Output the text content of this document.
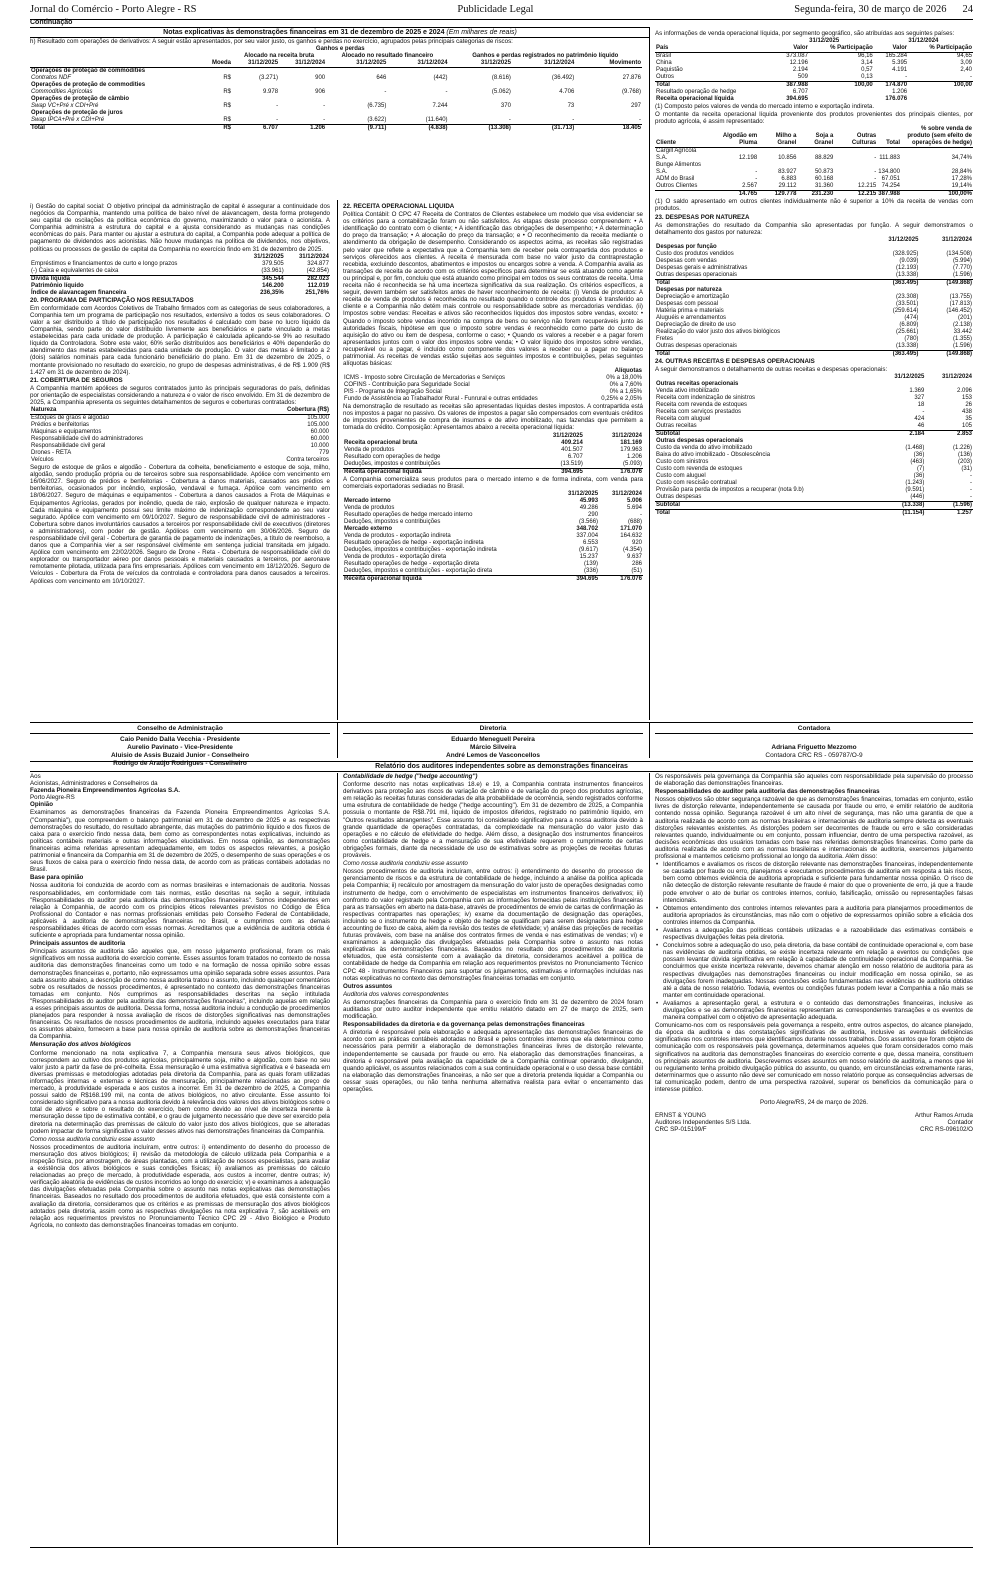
Jornal do Comércio - Porto Alegre - RS	Publicidade Legal	Segunda-feira, 30 de março de 2026 24
Continuação
Notas explicativas às demonstrações financeiras em 31 de dezembro de 2025 e 2024 (Em milhares de reais)

h) Resultado com operações de derivativos: A seguir estão apresentados, por seu valor justo, os ganhos e perdas no exercício, agrupados pelas principais categorias de riscos:

		Ganhos e perdas						
		Alocado na receita bruta		Alocado no resultado financeiro		Ganhos e perdas registrados no patrimônio líquido		
	Moeda	31/12/2025	31/12/2024	31/12/2025	31/12/2024	31/12/2025	31/12/2024	Movimento
Operações de proteção de commodities								
Contratos NDF	R$	(3.271)	900	646	(442)	(8.616)	(36.492)	27.876
Operações de proteção de commodities								
Commodities Agrícolas	R$	9.978	906	-	-	(5.062)	4.706	(9.768)
Operações de proteção de câmbio								
Swap VC+Pré x CDI+Pré	R$	-	-	(6.735)	7.244	370	73	297
Operações de proteção de juros								
Swap IPCA+Pré x CDI+Pré	R$	-	-	(3.622)	(11.640)	-	-	-
Total	R$	6.707	1.206	(9.711)	(4.838)	(13.308)	(31.713)	18.405

i) Gestão do capital social: O objetivo principal da administração de capital é assegurar a continuidade dos negócios da Companhia, mantendo uma política de baixo nível de alavancagem, desta forma protegendo seu capital de oscilações da política econômica do governo, maximizando o valor para o acionista. A Companhia administra a estrutura do capital e a ajusta considerando as mudanças nas condições econômicas do país. Para manter ou ajustar a estrutura do capital, a Companhia pode adequar a política de pagamento de dividendos aos acionistas. Não houve mudanças na política de dividendos, nos objetivos, políticas ou processos de gestão de capital da Companhia no exercício findo em 31 de dezembro de 2025.

	31/12/2025	31/12/2024
Empréstimos e financiamentos de curto e longo prazos	379.505	324.877
(-) Caixa e equivalentes de caixa	(33.961)	(42.854)
Dívida líquida	345.544	282.023
Patrimônio líquido	146.200	112.019
Índice de alavancagem financeira	236,35%	251,76%

20. PROGRAMA DE PARTICIPAÇÃO NOS RESULTADOS

Em conformidade com Acordos Coletivos de Trabalho firmados com as categorias de seus colaboradores, a Companhia tem um programa de participação nos resultados, extensivo a todos os seus colaboradores. O valor a ser distribuído a título de participação nos resultados é calculado com base no lucro líquido da Companhia, sendo parte do valor distribuído livremente aos beneficiários e parte vinculado a metas estabelecidas para cada unidade de produção. A participação é calculada aplicando-se 9% ao resultado líquido da Controladora. Sobre este valor, 60% serão distribuídos aos beneficiários e 40% dependerão do atendimento das metas estabelecidas para cada unidade de produção. O valor das metas é limitado a 2 (dois) salários nominais para cada funcionário beneficiário do plano. Em 31 de dezembro de 2025, o montante provisionado no resultado do exercício, no grupo de despesas administrativas, é de R$ 1.909 (R$ 1.427 em 31 de dezembro de 2024).

21. COBERTURA DE SEGUROS

A Companhia mantém apólices de seguros contratados junto às principais seguradoras do país, definidas por orientação de especialistas considerando a natureza e o valor de risco envolvido. Em 31 de dezembro de 2025, a Companhia apresenta os seguintes detalhamentos de seguros e coberturas contratados:

Natureza	Cobertura (R$)
Estoques de grãos e algodão	105.000
Prédios e benfeitorias	105.000
Máquinas e equipamentos	60.000
Responsabilidade civil do administradores	60.000
Responsabilidade civil geral	10.000
Drones - RETA	779
Veículos	Contra terceiros

Seguro de estoque de grãos e algodão - Cobertura da colheita, beneficiamento e estoque de soja, milho, algodão, sendo produção própria ou de terceiros sobre sua responsabilidade. Apólice com vencimento em 16/06/2027. Seguro de prédios e benfeitorias - Cobertura a danos materiais, causados aos prédios e benfeitorias, ocasionados por incêndio, explosão, vendaval e fumaça. Apólice com vencimento em 18/06/2027. Seguro de máquinas e equipamentos - Cobertura a danos causados a Frota de Máquinas e Equipamentos Agrícolas, gerados por incêndio, queda de raio, explosão de qualquer natureza e impacto. Cada máquina e equipamento possui seu limite máximo de indenização correspondente ao seu valor segurado. Apólice com vencimento em 09/10/2027. Seguro de responsabilidade civil de administradores - Cobertura sobre danos involuntários causados a terceiros por responsabilidade civil de executivos (diretores e administradores), com poder de gestão. Apólices com vencimento em 30/06/2026. Seguro de responsabilidade civil geral - Cobertura de garantia de pagamento de indenizações, a título de reembolso, a danos que a Companhia vier a ser responsável civilmente em sentença judicial transitada em julgado. Apólice com vencimento em 22/02/2026. Seguro de Drone - Reta - Cobertura de responsabilidade civil do explorador ou transportador aéreo por danos pessoais e materiais causados a terceiros, por aeronave remotamente pilotada, utilizada para fins empresariais. Apólices com vencimento em 18/12/2026. Seguro de Veículos - Cobertura da Frota de veículos da controlada e controladora para danos causados a terceiros. Apólices com vencimento em 10/10/2027.

22. RECEITA OPERACIONAL LÍQUIDA

Política Contábil: O CPC 47 Receita de Contratos de Clientes estabelece um modelo que visa evidenciar se os critérios para a contabilização foram ou não satisfeitos. As etapas deste processo compreendem: • A identificação do contrato com o cliente; • A identificação das obrigações de desempenho; • A determinação do preço da transação; • A alocação do preço da transação; e • O reconhecimento da receita mediante o atendimento da obrigação de desempenho. Considerando os aspectos acima, as receitas são registradas pelo valor que reflete a expectativa que a Companhia tem de receber pela contrapartida dos produtos e serviços oferecidos aos clientes. A receita é mensurada com base no valor justo da contraprestação recebida, excluindo descontos, abatimentos e impostos ou encargos sobre a venda. A Companhia avalia as transações de receita de acordo com os critérios específicos para determinar se está atuando como agente ou principal e, por fim, concluiu que está atuando como principal em todos os seus contratos de receita. Uma receita não é reconhecida se há uma incerteza significativa da sua realização. Os critérios específicos, a seguir, devem também ser satisfeitos antes de haver reconhecimento de receita: (i) Venda de produtos: A receita de venda de produtos é reconhecida no resultado quando o controle dos produtos é transferido ao cliente e a Companhia não detém mais controle ou responsabilidade sobre as mercadorias vendidas. (ii) Impostos sobre vendas: Receitas e ativos são reconhecidos líquidos dos impostos sobre vendas, exceto: • Quando o imposto sobre vendas incorrido na compra de bens ou serviço não forem recuperáveis junto às autoridades fiscais, hipótese em que o imposto sobre vendas é reconhecido como parte do custo de aquisição do ativo ou item de despesa, conforme o caso; • Quando os valores a receber e a pagar forem apresentados juntos com o valor dos impostos sobre venda; • O valor líquido dos impostos sobre vendas, recuperável ou a pagar, é incluído como componente dos valores a receber ou a pagar no balanço patrimonial. As receitas de vendas estão sujeitas aos seguintes impostos e contribuições, pelas seguintes alíquotas básicas:

	Alíquotas
ICMS - Imposto sobre Circulação de Mercadorias e Serviços	0% a 18,00%
COFINS - Contribuição para Seguridade Social	0% a 7,60%
PIS - Programa de Integração Social	0% a 1,65%
Fundo de Assistência ao Trabalhador Rural - Funrural e outras entidades	0,25% e 2,05%

Na demonstração de resultado as receitas são apresentadas líquidas destes impostos. A contrapartida está nos impostos a pagar no passivo. Os valores de impostos a pagar são compensados com eventuais créditos de impostos provenientes de compra de insumos e de ativo imobilizado, nas fazendas que permitem a tomada do crédito. Composição: Apresentamos abaixo a receita operacional líquida:

	31/12/2025	31/12/2024
Receita operacional bruta	409.214	181.169
Venda de produtos	401.507	179.963
Resultado com operações de hedge	6.707	1.206
Deduções, impostos e contribuições	(13.519)	(5.093)
Receita operacional líquida	394.695	176.076

A Companhia comercializa seus produtos para o mercado interno e de forma indireta, com venda para comerciais exportadoras sediadas no Brasil.

	31/12/2025	31/12/2024
Mercado interno	45.993	5.006
Venda de produtos	49.286	5.694
Resultado operações de hedge mercado interno	290	-
Deduções, impostos e contribuições	(3.566)	(688)
Mercado externo	348.702	171.070
Venda de produtos - exportação indireta	337.004	164.632
Resultado operações de hedge - exportação indireta	6.553	920
Deduções, impostos e contribuições - exportação indireta	(9.617)	(4.354)
Venda de produtos - exportação direta	15.237	9.637
Resultado operações de hedge - exportação direta	(139)	286
Deduções, impostos e contribuições - exportação direta	(336)	(51)
Receita operacional líquida	394.695	176.076

As informações de venda operacional líquida, por segmento geográfico, são atribuídas aos seguintes países:

	31/12/2025		31/12/2024	
País	Valor	% Participação	Valor	% Participação
Brasil	373.087	96,16	165.284	94,65
China	12.196	3,14	5.395	3,09
Paquistão	2.194	0,57	4.191	2,40
Outros	509	0,13	-	-
Total	387.988	100,00	174.870	100,00
Resultado operação de hedge	6.707		1.206	
Receita operacional líquida	394.695		176.076	

(1) Composto pelos valores de venda do mercado interno e exportação indireta.

O montante da receita operacional líquida proveniente dos produtos provenientes dos principais clientes, por produto agrícola, é assim representado:

Cliente	Algodão em Pluma	Milho a Granel	Soja a Granel	Outras Culturas	Total	% sobre venda de produto (sem efeito de operações de hedge)
Cargill Agrícola S.A.	12.198	10.856	88.829	-	111.883	34,74%
Bunge Alimentos S.A.	-	83.927	50.873	-	134.800	28,84%
ADM do Brasil	-	6.883	60.168	-	67.051	17,28%
Outros Clientes	2.567	29.112	31.360	12.215	74.254	19,14%
	14.765	129.778	231.230	12.215	387.988	100,00%

(1) O saldo apresentado em outros clientes individualmente não é superior a 10% da receita de vendas com produtos.

23. DESPESAS POR NATUREZA

As demonstrações do resultado da Companhia são apresentadas por função. A seguir demonstramos o detalhamento dos gastos por natureza:

	31/12/2025	31/12/2024
Despesas por função		
Custo dos produtos vendidos	(328.925)	(134.508)
Despesas com vendas	(9.039)	(5.994)
Despesas gerais e administrativas	(12.193)	(7.770)
Outras despesas operacionais	(13.338)	(1.596)
Total	(363.495)	(149.868)
Despesas por natureza		
Depreciação e amortização	(23.308)	(13.755)
Despesas com pessoal	(33.501)	(17.813)
Matéria prima e materiais	(259.614)	(146.452)
Aluguéis e arrendamentos	(474)	(201)
Depreciação de direito de uso	(6.809)	(2.138)
Realização do valor justo dos ativos biológicos	(25.661)	33.442
Fretes	(780)	(1.355)
Outras despesas operacionais	(13.338)	(1.596)
Total	(363.495)	(149.868)

24. OUTRAS RECEITAS E DESPESAS OPERACIONAIS

A seguir demonstramos o detalhamento de outras receitas e despesas operacionais:

	31/12/2025	31/12/2024
Outras receitas operacionais		
Venda ativo imobilizado	1.369	2.096
Receita com indenização de sinistros	327	153
Receita com revenda de estoques	18	26
Receita com serviços prestados	-	438
Receita com aluguel	424	35
Outras receitas	46	105
Subtotal	2.184	2.853
Outras despesas operacionais		
Custo da venda do ativo imobilizado	(1.468)	(1.226)
Baixa do ativo imobilizado - Obsolescência	(36)	(136)
Custo com sinistros	(463)	(203)
Custo com revenda de estoques	(7)	(31)
Custo com aluguel	(36)	-
Custo com rescisão contratual	(1.243)	-
Provisão para perda de impostos a recuperar (nota 9.b)	(9.591)	-
Outras despesas	(446)	-
Subtotal	(13.338)	(1.596)
Total	(11.154)	1.257
Conselho de Administração
Caio Penido Dalla Vecchia - Presidente
Aurelio Pavinato - Vice-Presidente
Aluisio de Assis Buzaid Junior - Conselheiro
Rodrigo de Araújo Rodrigues - Conselheiro
Diretoria
Eduardo Meneguell Pereira
Márcio Silveira
André Lemos de Vasconcellos
Contadora
Adriana Friguetto Mezzomo
Contadora CRC RS - 059787/O-9
Relatório dos auditores independentes sobre as demonstrações financeiras
Aos
Acionistas, Administradores e Conselheiros da
Fazenda Pioneira Empreendimentos Agrícolas S.A.
Porto Alegre-RS

Opinião

Examinamos as demonstrações financeiras da Fazenda Pioneira Empreendimentos Agrícolas S.A. ("Companhia"), que compreendem o balanço patrimonial em 31 de dezembro de 2025 e as respectivas demonstrações do resultado, do resultado abrangente, das mutações do patrimônio líquido e dos fluxos de caixa para o exercício findo nessa data, bem como as correspondentes notas explicativas, incluindo as políticas contábeis materiais e outras informações elucidativas. Em nossa opinião, as demonstrações financeiras acima referidas apresentam adequadamente, em todos os aspectos relevantes, a posição patrimonial e financeira da Companhia em 31 de dezembro de 2025, o desempenho de suas operações e os seus fluxos de caixa para o exercício findo nessa data, de acordo com as práticas contábeis adotadas no Brasil.

Base para opinião

Nossa auditoria foi conduzida de acordo com as normas brasileiras e internacionais de auditoria. Nossas responsabilidades, em conformidade com tais normas, estão descritas na seção a seguir, intitulada "Responsabilidades do auditor pela auditoria das demonstrações financeiras". Somos independentes em relação à Companhia, de acordo com os princípios éticos relevantes previstos no Código de Ética Profissional do Contador e nas normas profissionais emitidas pelo Conselho Federal de Contabilidade, aplicáveis à auditoria de demonstrações financeiras no Brasil, e cumprimos com as demais responsabilidades éticas de acordo com essas normas. Acreditamos que a evidência de auditoria obtida é suficiente e apropriada para fundamentar nossa opinião.

Principais assuntos de auditoria

Principais assuntos de auditoria são aqueles que, em nosso julgamento profissional, foram os mais significativos em nossa auditoria do exercício corrente. Esses assuntos foram tratados no contexto de nossa auditoria das demonstrações financeiras como um todo e na formação de nossa opinião sobre essas demonstrações financeiras e, portanto, não expressamos uma opinião separada sobre esses assuntos. Para cada assunto abaixo, a descrição de como nossa auditoria tratou o assunto, incluindo quaisquer comentários sobre os resultados de nossos procedimentos, é apresentado no contexto das demonstrações financeiras tomadas em conjunto. Nós cumprimos as responsabilidades descritas na seção intitulada "Responsabilidades do auditor pela auditoria das demonstrações financeiras", incluindo aquelas em relação a esses principais assuntos de auditoria. Dessa forma, nossa auditoria incluiu a condução de procedimentos planejados para responder à nossa avaliação de riscos de distorções significativas nas demonstrações financeiras. Os resultados de nossos procedimentos de auditoria, incluindo aqueles executados para tratar os assuntos abaixo, fornecem a base para nossa opinião de auditoria sobre as demonstrações financeiras da Companhia.

Mensuração dos ativos biológicos

Conforme mencionado na nota explicativa 7, a Companhia mensura seus ativos biológicos, que correspondem ao cultivo dos produtos agrícolas, principalmente soja, milho e algodão, com base no seu valor justo a partir da fase de pré-colheita. Essa mensuração é uma estimativa significativa e é baseada em diversas premissas e metodologias adotadas pela diretoria da Companhia, para as quais foram utilizadas informações internas e externas e técnicas de mensuração, principalmente relacionadas ao preço de mercado, à produtividade esperada e aos custos a incorrer. Em 31 de dezembro de 2025, a Companhia possui saldo de R$168.199 mil, na conta de ativos biológicos, no ativo circulante. Esse assunto foi considerado significativo para a nossa auditoria devido à relevância dos valores dos ativos biológicos sobre o total de ativos e sobre o resultado do exercício, bem como devido ao nível de incerteza inerente à mensuração desse tipo de estimativa contábil, e o grau de julgamento necessário que deve ser exercido pela diretoria na determinação das premissas de cálculo do valor justo dos ativos biológicos, que se alteradas podem impactar de forma significativa o valor desses ativos nas demonstrações financeiras da Companhia.

Como nossa auditoria conduziu esse assunto

Nossos procedimentos de auditoria incluíram, entre outros: i) entendimento do desenho do processo de mensuração dos ativos biológicos; ii) revisão da metodologia de cálculo utilizada pela Companhia e a inspeção física, por amostragem, de áreas plantadas, com a utilização de nossos especialistas, para avaliar a existência dos ativos biológicos e suas condições físicas; iii) avaliamos as premissas do cálculo relacionadas ao preço de mercado, à produtividade esperada, aos custos a incorrer, dentre outras; iv) verificação aleatória de evidências de custos incorridos ao longo do exercício; v) e examinamos a adequação das divulgações efetuadas pela Companhia sobre o assunto nas notas explicativas das demonstrações financeiras. Baseados no resultado dos procedimentos de auditoria efetuados, que está consistente com a avaliação da diretoria, consideramos que os critérios e as premissas de mensuração dos ativos biológicos adotados pela diretoria, assim como as respectivas divulgações na nota explicativa 7, são aceitáveis em relação aos requerimentos previstos no Pronunciamento Técnico CPC 29 - Ativo Biológico e Produto Agrícola, no contexto das demonstrações financeiras tomadas em conjunto.

Contabilidade de hedge ("hedge accounting")

Conforme descrito nas notas explicativas 18.e) e 19, a Companhia contrata instrumentos financeiros derivativos para proteção aos riscos de variação de câmbio e de variação do preço dos produtos agrícolas, em relação às receitas futuras consideradas de alta probabilidade de ocorrência, sendo registrados conforme uma estrutura de contabilidade de hedge ("hedge accounting"). Em 31 de dezembro de 2025, a Companhia possuía o montante de R$8.791 mil, líquido de impostos diferidos, registrado no patrimônio líquido, em "Outros resultados abrangentes". Esse assunto foi considerado significativo para a nossa auditoria devido à grande quantidade de operações contratadas, da complexidade na mensuração do valor justo das operações e no cálculo de efetividade do hedge. Além disso, a designação dos instrumentos financeiros como contabilidade de hedge e a mensuração de sua efetividade requerem o cumprimento de certas obrigações formais, diante da necessidade de uso de estimativas sobre as projeções de receitas futuras prováveis.

Como nossa auditoria conduziu esse assunto

Nossos procedimentos de auditoria incluíram, entre outros: i) entendimento do desenho do processo de gerenciamento de riscos e da estrutura de contabilidade de hedge, incluindo a análise da política aplicada pela Companhia; ii) recálculo por amostragem da mensuração do valor justo de operações designadas como instrumento de hedge, com o envolvimento de especialistas em instrumentos financeiros derivativos; iii) confronto do valor registrado pela Companhia com as informações fornecidas pelas instituições financeiras para as transações em aberto na data-base, através de procedimentos de envio de cartas de confirmação às respectivas contrapartes nas operações; iv) exame da documentação de designação das operações, incluindo se o instrumento de hedge e objeto de hedge se qualificam para serem designados para hedge accounting de fluxo de caixa, além da revisão dos testes de efetividade; v) análise das projeções de receitas futuras prováveis, com base na análise dos contratos firmes de venda e nas estimativas de vendas; vi) e examinamos a adequação das divulgações efetuadas pela Companhia sobre o assunto nas notas explicativas às demonstrações financeiras. Baseados no resultado dos procedimentos de auditoria efetuados, que está consistente com a avaliação da diretoria, consideramos aceitável a política de contabilidade de hedge da Companhia em relação aos requerimentos previstos no Pronunciamento Técnico CPC 48 - Instrumentos Financeiros para suportar os julgamentos, estimativas e informações incluídas nas notas explicativas no contexto das demonstrações financeiras tomadas em conjunto.

Outros assuntos

Auditoria dos valores correspondentes

As demonstrações financeiras da Companhia para o exercício findo em 31 de dezembro de 2024 foram auditadas por outro auditor independente que emitiu relatório datado em 27 de março de 2025, sem modificação.

Responsabilidades da diretoria e da governança pelas demonstrações financeiras

A diretoria é responsável pela elaboração e adequada apresentação das demonstrações financeiras de acordo com as práticas contábeis adotadas no Brasil e pelos controles internos que ela determinou como necessários para permitir a elaboração de demonstrações financeiras livres de distorção relevante, independentemente se causada por fraude ou erro. Na elaboração das demonstrações financeiras, a diretoria é responsável pela avaliação da capacidade de a Companhia continuar operando, divulgando, quando aplicável, os assuntos relacionados com a sua continuidade operacional e o uso dessa base contábil na elaboração das demonstrações financeiras, a não ser que a diretoria pretenda liquidar a Companhia ou cessar suas operações, ou não tenha nenhuma alternativa realista para evitar o encerramento das operações.

Os responsáveis pela governança da Companhia são aqueles com responsabilidade pela supervisão do processo de elaboração das demonstrações financeiras.

Responsabilidades do auditor pela auditoria das demonstrações financeiras

Nossos objetivos são obter segurança razoável de que as demonstrações financeiras, tomadas em conjunto, estão livres de distorção relevante, independentemente se causada por fraude ou erro, e emitir relatório de auditoria contendo nossa opinião. Segurança razoável é um alto nível de segurança, mas não uma garantia de que a auditoria realizada de acordo com as normas brasileiras e internacionais de auditoria sempre detecta as eventuais distorções relevantes existentes. As distorções podem ser decorrentes de fraude ou erro e são consideradas relevantes quando, individualmente ou em conjunto, possam influenciar, dentro de uma perspectiva razoável, as decisões econômicas dos usuários tomadas com base nas referidas demonstrações financeiras. Como parte da auditoria realizada de acordo com as normas brasileiras e internacionais de auditoria, exercemos julgamento profissional e mantemos ceticismo profissional ao longo da auditoria. Além disso:

• Identificamos e avaliamos os riscos de distorção relevante nas demonstrações financeiras, independentemente se causada por fraude ou erro, planejamos e executamos procedimentos de auditoria em resposta a tais riscos, bem como obtemos evidência de auditoria apropriada e suficiente para fundamentar nossa opinião. O risco de não detecção de distorção relevante resultante de fraude é maior do que o proveniente de erro, já que a fraude pode envolver o ato de burlar os controles internos, conluio, falsificação, omissão ou representações falsas intencionais.

• Obtemos entendimento dos controles internos relevantes para a auditoria para planejarmos procedimentos de auditoria apropriados às circunstâncias, mas não com o objetivo de expressarmos opinião sobre a eficácia dos controles internos da Companhia.

• Avaliamos a adequação das políticas contábeis utilizadas e a razoabilidade das estimativas contábeis e respectivas divulgações feitas pela diretoria.

• Concluímos sobre a adequação do uso, pela diretoria, da base contábil de continuidade operacional e, com base nas evidências de auditoria obtidas, se existe incerteza relevante em relação a eventos ou condições que possam levantar dúvida significativa em relação à capacidade de continuidade operacional da Companhia. Se concluirmos que existe incerteza relevante, devemos chamar atenção em nosso relatório de auditoria para as respectivas divulgações nas demonstrações financeiras ou incluir modificação em nossa opinião, se as divulgações forem inadequadas. Nossas conclusões estão fundamentadas nas evidências de auditoria obtidas até a data de nosso relatório. Todavia, eventos ou condições futuras podem levar a Companhia a não mais se manter em continuidade operacional.

• Avaliamos a apresentação geral, a estrutura e o conteúdo das demonstrações financeiras, inclusive as divulgações e se as demonstrações financeiras representam as correspondentes transações e os eventos de maneira compatível com o objetivo de apresentação adequada.

Comunicamo-nos com os responsáveis pela governança a respeito, entre outros aspectos, do alcance planejado, da época da auditoria e das constatações significativas de auditoria, inclusive as eventuais deficiências significativas nos controles internos que identificamos durante nossos trabalhos. Dos assuntos que foram objeto de comunicação com os responsáveis pela governança, determinamos aqueles que foram considerados como mais significativos na auditoria das demonstrações financeiras do exercício corrente e que, dessa maneira, constituem os principais assuntos de auditoria. Descrevemos esses assuntos em nosso relatório de auditoria, a menos que lei ou regulamento tenha proibido divulgação pública do assunto, ou quando, em circunstâncias extremamente raras, determinarmos que o assunto não deve ser comunicado em nosso relatório porque as consequências adversas de tal comunicação podem, dentro de uma perspectiva razoável, superar os benefícios da comunicação para o interesse público.

Porto Alegre/RS, 24 de março de 2026.

ERNST & YOUNG
Auditores Independentes S/S Ltda.
CRC SP-015199/F
Arthur Ramos Arruda
Contador
CRC RS-096102/O
